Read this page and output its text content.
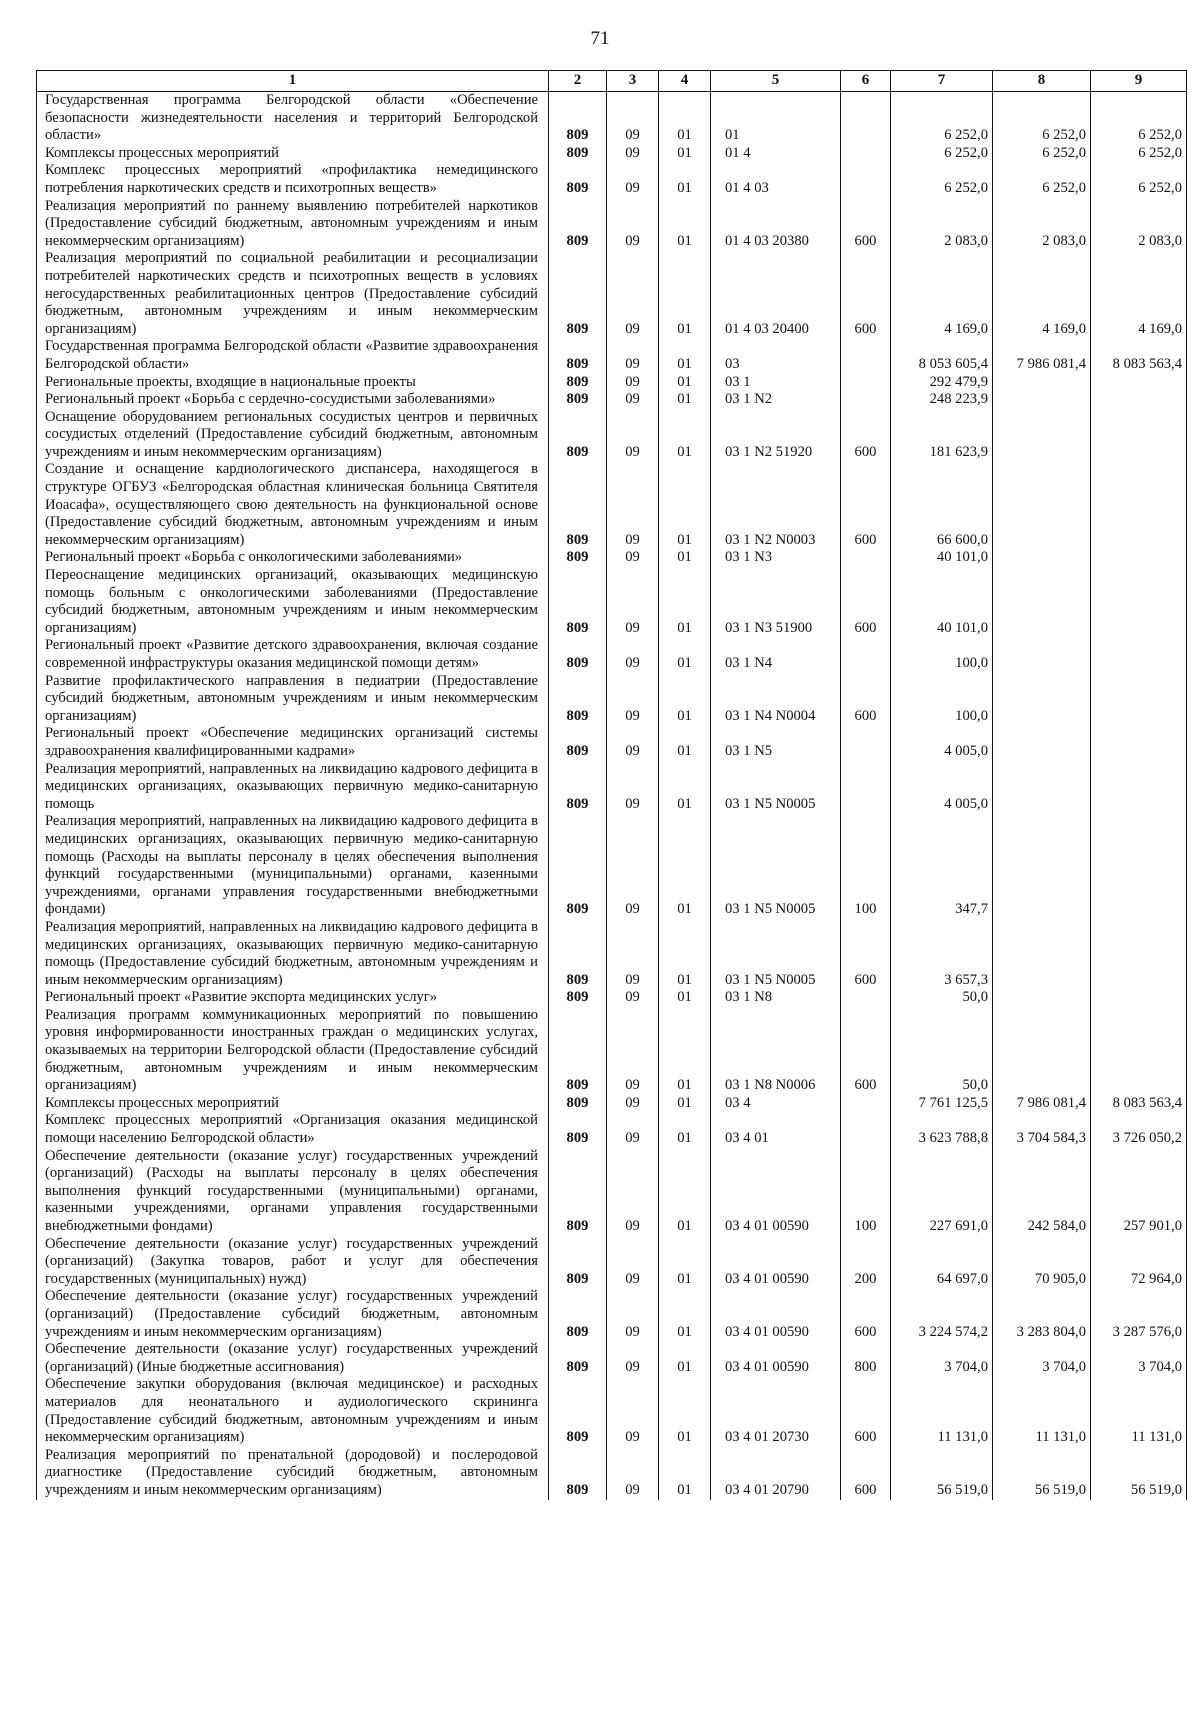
71
1	2	3	4	5	6	7	8	9
Государственная программа Белгородской области «Обеспечение безопасности жизнедеятельности населения и территорий Белгородской области»	809	09	01	01		6 252,0	6 252,0	6 252,0
Комплексы процессных мероприятий	809	09	01	01 4		6 252,0	6 252,0	6 252,0
Комплекс процессных мероприятий «профилактика немедицинского потребления наркотических средств и психотропных веществ»	809	09	01	01 4 03		6 252,0	6 252,0	6 252,0
Реализация мероприятий по раннему выявлению потребителей наркотиков (Предоставление субсидий бюджетным, автономным учреждениям и иным некоммерческим организациям)	809	09	01	01 4 03 20380	600	2 083,0	2 083,0	2 083,0
Реализация мероприятий по социальной реабилитации и ресоциализации потребителей наркотических средств и психотропных веществ в условиях негосударственных реабилитационных центров (Предоставление субсидий бюджетным, автономным учреждениям и иным некоммерческим организациям)	809	09	01	01 4 03 20400	600	4 169,0	4 169,0	4 169,0
Государственная программа Белгородской области «Развитие здравоохранения Белгородской области»	809	09	01	03		8 053 605,4	7 986 081,4	8 083 563,4
Региональные проекты, входящие в национальные проекты	809	09	01	03 1		292 479,9		
Региональный проект «Борьба с сердечно-сосудистыми заболеваниями»	809	09	01	03 1 N2		248 223,9		
Оснащение оборудованием региональных сосудистых центров и первичных сосудистых отделений (Предоставление субсидий бюджетным, автономным учреждениям и иным некоммерческим организациям)	809	09	01	03 1 N2 51920	600	181 623,9		
Создание и оснащение кардиологического диспансера, находящегося в структуре ОГБУЗ «Белгородская областная клиническая больница Святителя Иоасафа», осуществляющего свою деятельность на функциональной основе (Предоставление субсидий бюджетным, автономным учреждениям и иным некоммерческим организациям)	809	09	01	03 1 N2 N0003	600	66 600,0		
Региональный проект «Борьба с онкологическими заболеваниями»	809	09	01	03 1 N3		40 101,0		
Переоснащение медицинских организаций, оказывающих медицинскую помощь больным с онкологическими заболеваниями (Предоставление субсидий бюджетным, автономным учреждениям и иным некоммерческим организациям)	809	09	01	03 1 N3 51900	600	40 101,0		
Региональный проект «Развитие детского здравоохранения, включая создание современной инфраструктуры оказания медицинской помощи детям»	809	09	01	03 1 N4		100,0		
Развитие профилактического направления в педиатрии (Предоставление субсидий бюджетным, автономным учреждениям и иным некоммерческим организациям)	809	09	01	03 1 N4 N0004	600	100,0		
Региональный проект «Обеспечение медицинских организаций системы здравоохранения квалифицированными кадрами»	809	09	01	03 1 N5		4 005,0		
Реализация мероприятий, направленных на ликвидацию кадрового дефицита в медицинских организациях, оказывающих первичную медико-санитарную помощь	809	09	01	03 1 N5 N0005		4 005,0		
Реализация мероприятий, направленных на ликвидацию кадрового дефицита в медицинских организациях, оказывающих первичную медико-санитарную помощь (Расходы на выплаты персоналу в целях обеспечения выполнения функций государственными (муниципальными) органами, казенными учреждениями, органами управления государственными внебюджетными фондами)	809	09	01	03 1 N5 N0005	100	347,7		
Реализация мероприятий, направленных на ликвидацию кадрового дефицита в медицинских организациях, оказывающих первичную медико-санитарную помощь (Предоставление субсидий бюджетным, автономным учреждениям и иным некоммерческим организациям)	809	09	01	03 1 N5 N0005	600	3 657,3		
Региональный проект «Развитие экспорта медицинских услуг»	809	09	01	03 1 N8		50,0		
Реализация программ коммуникационных мероприятий по повышению уровня информированности иностранных граждан о медицинских услугах, оказываемых на территории Белгородской области (Предоставление субсидий бюджетным, автономным учреждениям и иным некоммерческим организациям)	809	09	01	03 1 N8 N0006	600	50,0		
Комплексы процессных мероприятий	809	09	01	03 4		7 761 125,5	7 986 081,4	8 083 563,4
Комплекс процессных мероприятий «Организация оказания медицинской помощи населению Белгородской области»	809	09	01	03 4 01		3 623 788,8	3 704 584,3	3 726 050,2
Обеспечение деятельности (оказание услуг) государственных учреждений (организаций) (Расходы на выплаты персоналу в целях обеспечения выполнения функций государственными (муниципальными) органами, казенными учреждениями, органами управления государственными внебюджетными фондами)	809	09	01	03 4 01 00590	100	227 691,0	242 584,0	257 901,0
Обеспечение деятельности (оказание услуг) государственных учреждений (организаций) (Закупка товаров, работ и услуг для обеспечения государственных (муниципальных) нужд)	809	09	01	03 4 01 00590	200	64 697,0	70 905,0	72 964,0
Обеспечение деятельности (оказание услуг) государственных учреждений (организаций) (Предоставление субсидий бюджетным, автономным учреждениям и иным некоммерческим организациям)	809	09	01	03 4 01 00590	600	3 224 574,2	3 283 804,0	3 287 576,0
Обеспечение деятельности (оказание услуг) государственных учреждений (организаций) (Иные бюджетные ассигнования)	809	09	01	03 4 01 00590	800	3 704,0	3 704,0	3 704,0
Обеспечение закупки оборудования (включая медицинское) и расходных материалов для неонатального и аудиологического скрининга (Предоставление субсидий бюджетным, автономным учреждениям и иным некоммерческим организациям)	809	09	01	03 4 01 20730	600	11 131,0	11 131,0	11 131,0
Реализация мероприятий по пренатальной (дородовой) и послеродовой диагностике (Предоставление субсидий бюджетным, автономным учреждениям и иным некоммерческим организациям)	809	09	01	03 4 01 20790	600	56 519,0	56 519,0	56 519,0
